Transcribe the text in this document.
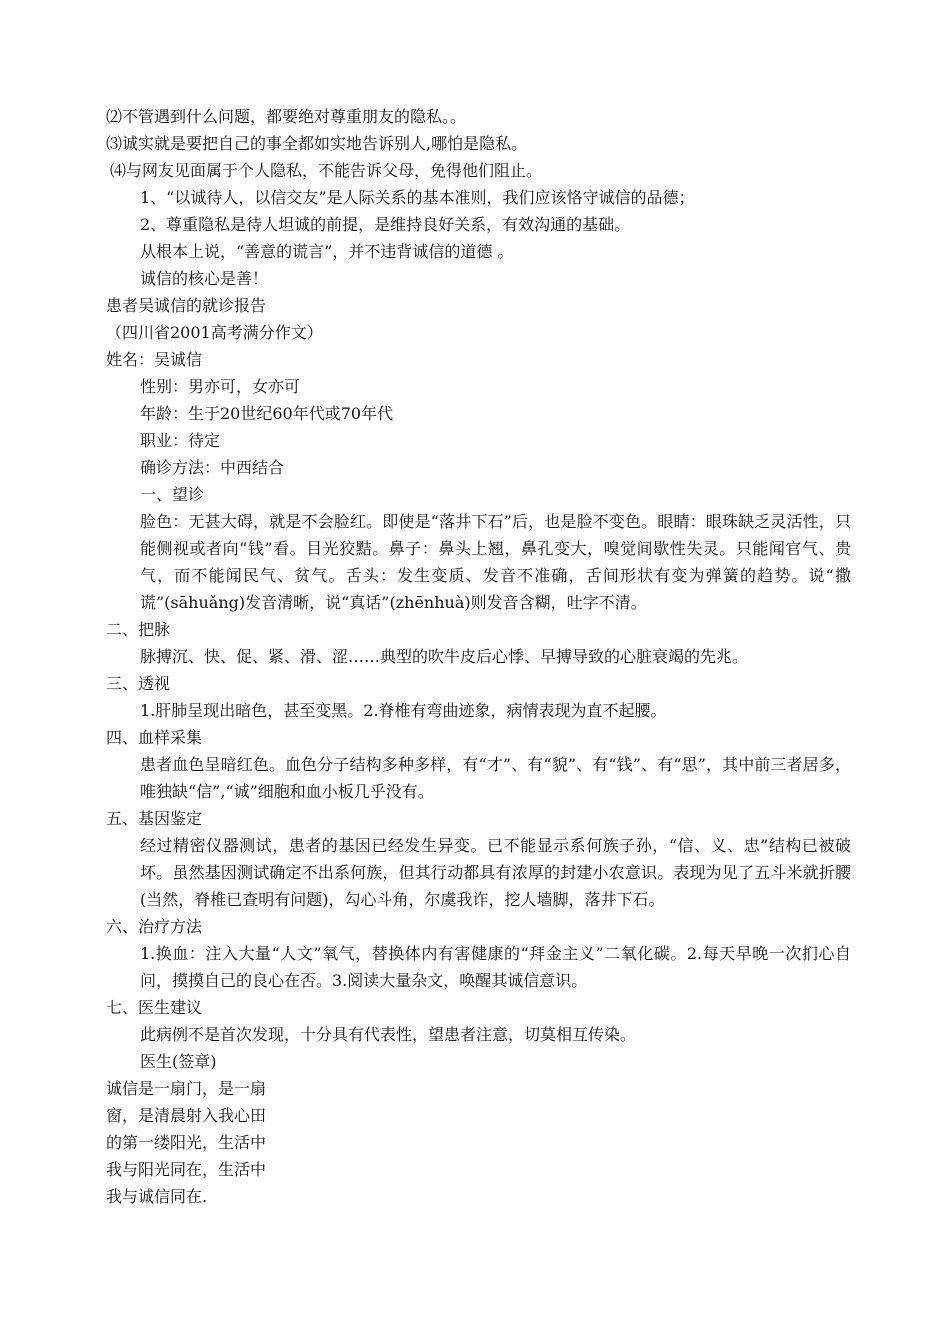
⑵不管遇到什么问题，都要绝对尊重朋友的隐私。。
⑶诚实就是要把自己的事全都如实地告诉别人,哪怕是隐私。
⑷与网友见面属于个人隐私，不能告诉父母，免得他们阻止。
1、“以诚待人，以信交友”是人际关系的基本准则，我们应该恪守诚信的品德；
2、尊重隐私是待人坦诚的前提，是维持良好关系，有效沟通的基础。
从根本上说，“善意的谎言”，并不违背诚信的道德 。
诚信的核心是善！
患者吴诚信的就诊报告
（四川省2001高考满分作文）
姓名：吴诚信
性别：男亦可，女亦可
年龄：生于20世纪60年代或70年代
职业：待定
确诊方法：中西结合
一、望诊
脸色：无甚大碍，就是不会脸红。即使是“落井下石”后，也是脸不变色。眼睛：眼珠缺乏灵活性，只能侧视或者向“钱”看。目光狡黠。鼻子：鼻头上翘，鼻孔变大，嗅觉间歇性失灵。只能闻官气、贵气，而不能闻民气、贫气。舌头：发生变质、发音不准确，舌间形状有变为弹簧的趋势。说“撒谎”(sāhuǎng)发音清晰，说“真话”(zhēnhuà)则发音含糊，吐字不清。
二、把脉
脉搏沉、快、促、紧、滑、涩……典型的吹牛皮后心悸、早搏导致的心脏衰竭的先兆。
三、透视
1.肝肺呈现出暗色，甚至变黑。2.脊椎有弯曲迹象，病情表现为直不起腰。
四、血样采集
患者血色呈暗红色。血色分子结构多种多样，有“才”、有“貌”、有“钱”、有“思”，其中前三者居多，唯独缺“信”,“诚”细胞和血小板几乎没有。
五、基因鉴定
经过精密仪器测试，患者的基因已经发生异变。已不能显示系何族子孙，“信、义、忠”结构已被破坏。虽然基因测试确定不出系何族，但其行动都具有浓厚的封建小农意识。表现为见了五斗米就折腰(当然，脊椎已查明有问题)，勾心斗角，尔虞我诈，挖人墙脚，落井下石。
六、治疗方法
1.换血：注入大量“人文”氧气，替换体内有害健康的“拜金主义”二氧化碳。2.每天早晚一次扪心自问，摸摸自己的良心在否。3.阅读大量杂文，唤醒其诚信意识。
七、医生建议
此病例不是首次发现，十分具有代表性，望患者注意，切莫相互传染。
医生(签章)
诚信是一扇门，是一扇
窗，是清晨射入我心田
的第一缕阳光，生活中
我与阳光同在，生活中
我与诚信同在.
